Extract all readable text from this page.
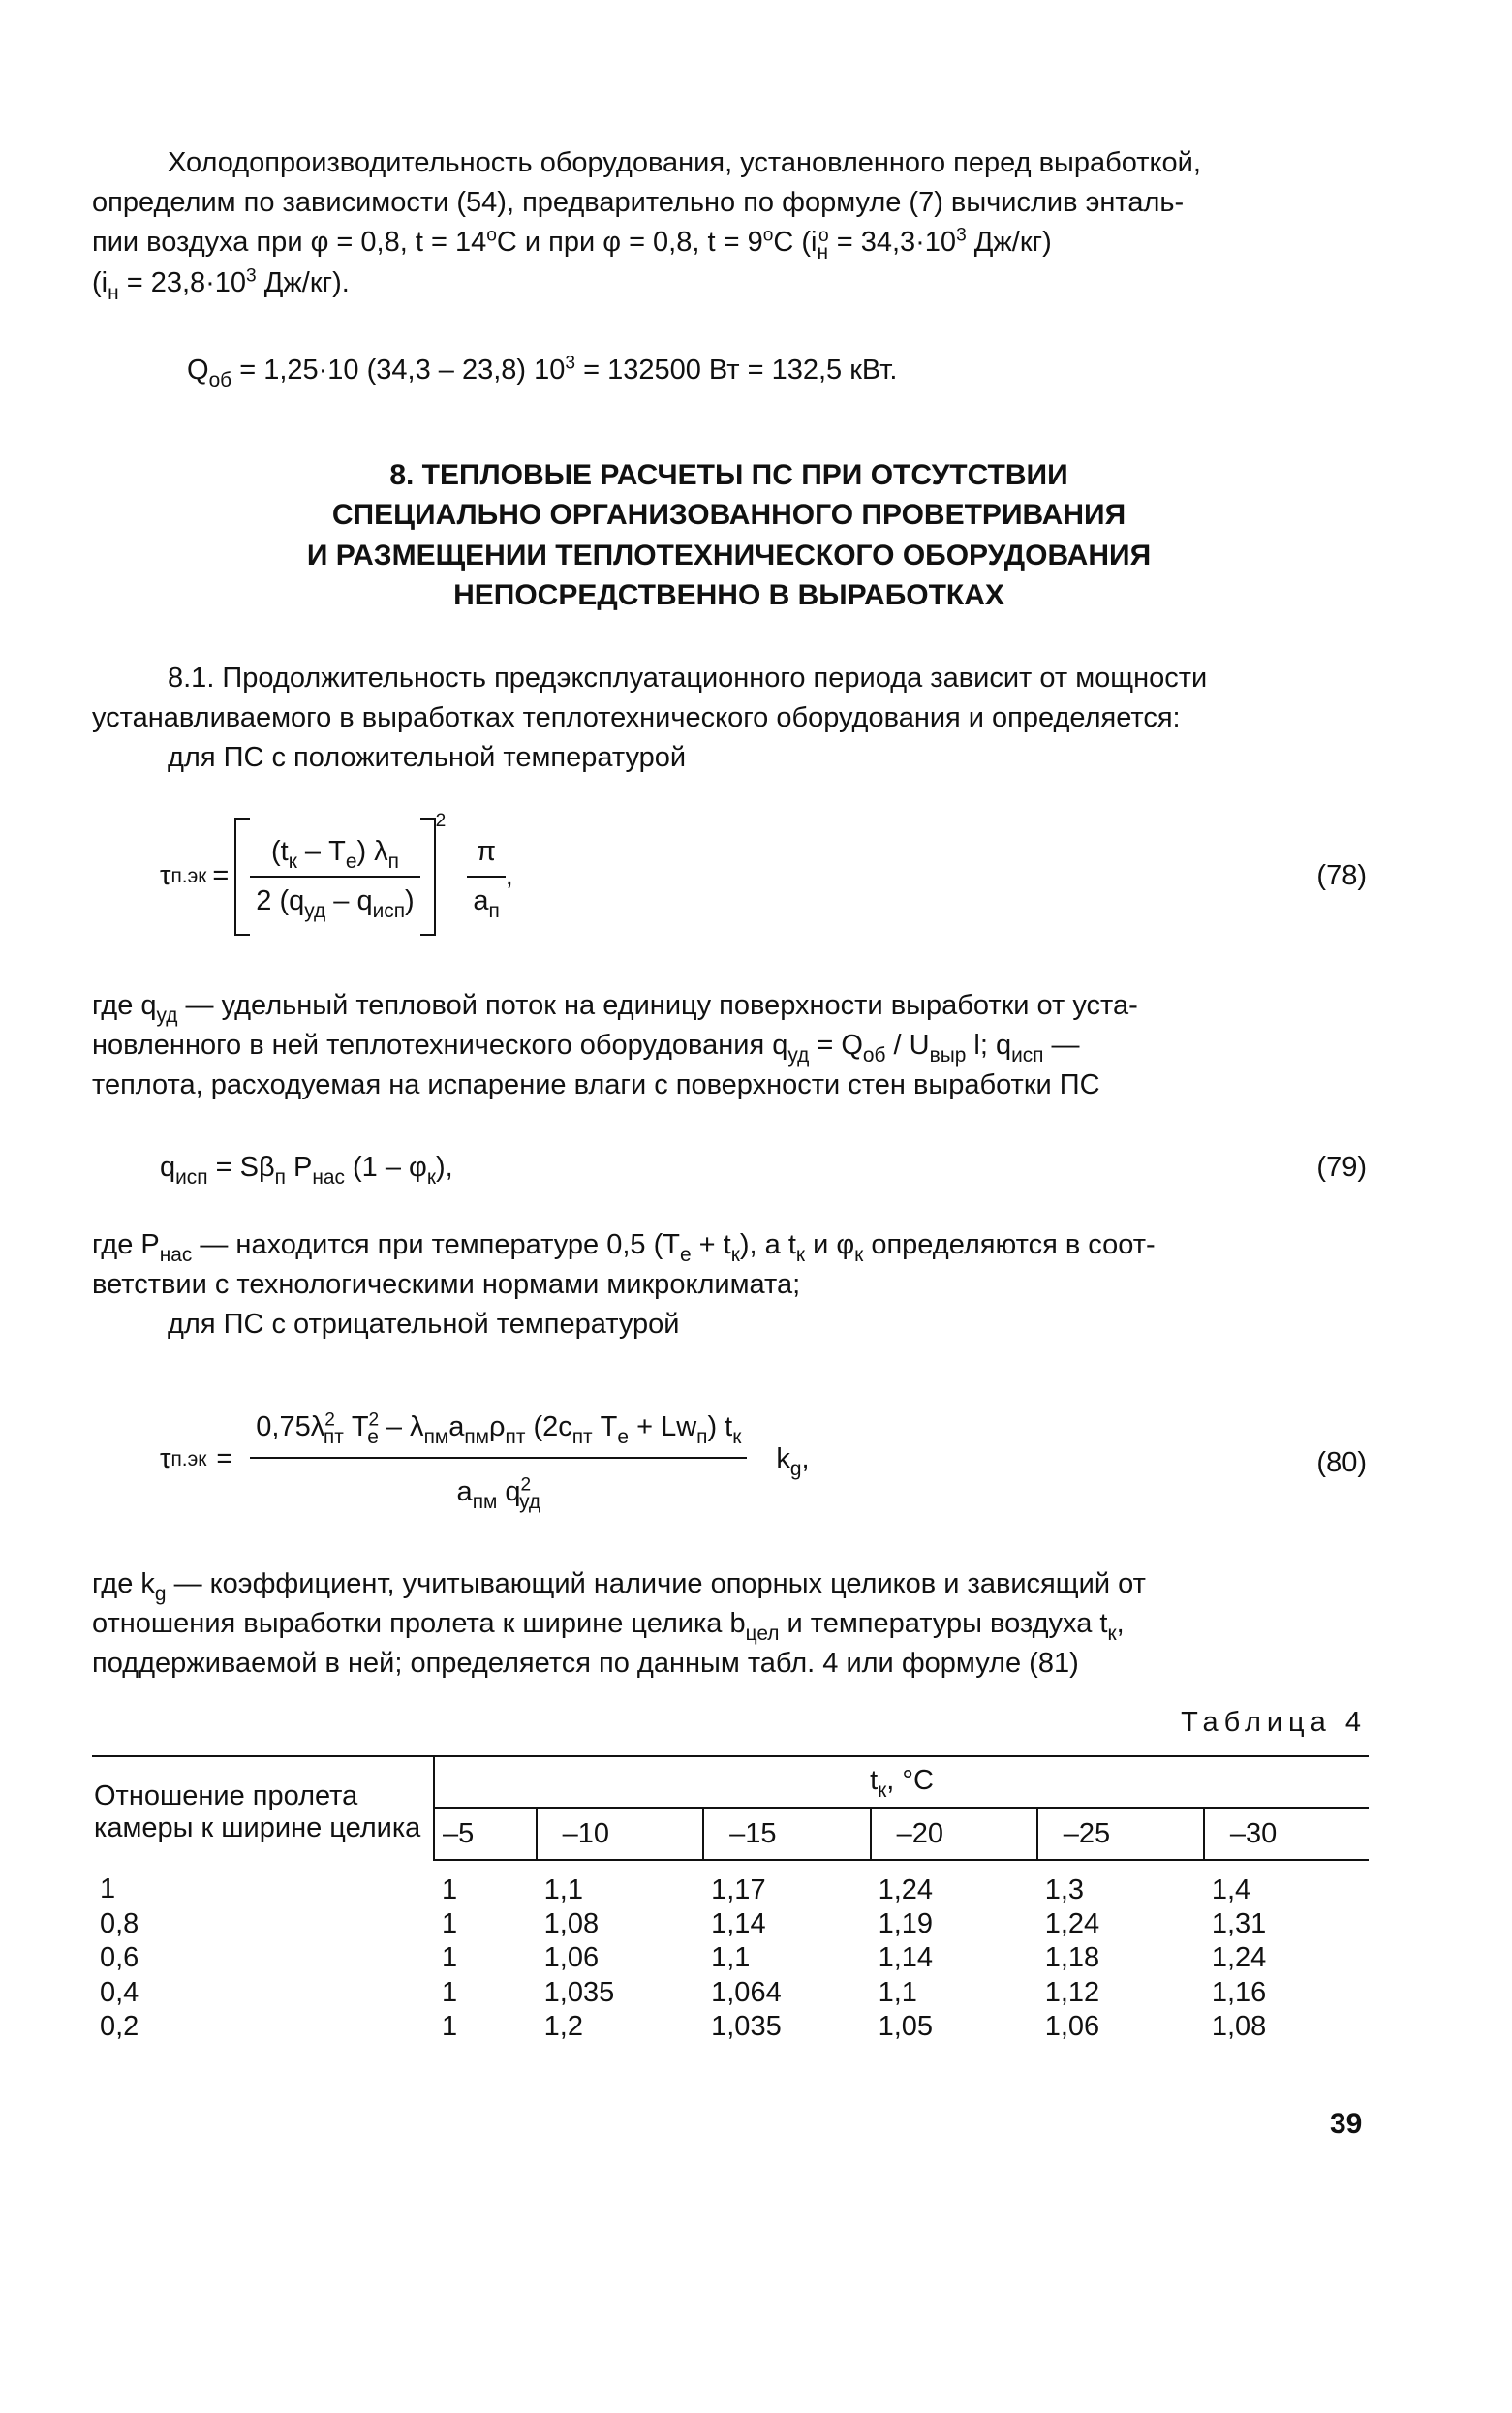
Холодопроизводительность оборудования, установленного перед выработкой,
определим по зависимости (54), предварительно по формуле (7) вычислив энталь-
пии воздуха при φ = 0,8, $t = 14^oC$ и при φ = 0,8, $t = 9^oC$ ($i_н^o = 34,3\cdot 10^3$ Дж/кг)
($i_н = 23,8\cdot 10^3$ Дж/кг).
$Q_{об} = 1,25\cdot 10$ (34,3 – 23,8) $10^3 = 132500$ Вт = 132,5 кВт.
8. ТЕПЛОВЫЕ РАСЧЕТЫ ПС ПРИ ОТСУТСТВИИ
СПЕЦИАЛЬНО ОРГАНИЗОВАННОГО ПРОВЕТРИВАНИЯ
И РАЗМЕЩЕНИИ ТЕПЛОТЕХНИЧЕСКОГО ОБОРУДОВАНИЯ
НЕПОСРЕДСТВЕННО В ВЫРАБОТКАХ
8.1. Продолжительность предэксплуатационного периода зависит от мощности
устанавливаемого в выработках теплотехнического оборудования и определяется:
для ПС с положительной температурой
τ $п.эк = \frac{(t_к - T_e) \lambda_п}{2 (q_{уд} - q_{исп})}$
2
$\frac{\pi}{a_п}$ ,	(78)
где $q_{уд}$ — удельный тепловой поток на единицу поверхности выработки от уста-
новленного в ней теплотехнического оборудования $q_{уд} = Q_{об} / U_{выр}$ l; $q_{исп}$ —
теплота, расходуемая на испарение влаги с поверхности стен выработки ПС
$q_{исп} = S\beta_п$ $P_{нас}$ $(1 - \varphi_к)$,	(79)
где $P_{нас}$ — находится при температуре 0,5 $(T_e + t_к)$, a $t_к$ и $\varphi_к$ определяются в соот-
ветствии с технологическими нормами микроклимата;
для ПС с отрицательной температурой
τ $п.эк = \frac{0,75\lambda^2_{пт} T^2_e - \lambda_{пм}a_{пм}\rho_{пт} (2c_{пт} T_e + Lw_п) t_к}{a_{пм} q^2_{уд}} k_g$,	(80)
где $k_g$ — коэффициент, учитывающий наличие опорных целиков и зависящий от
отношения выработки пролета к ширине целика $b_{цел}$ и температуры воздуха $t_к$,
поддерживаемой в ней; определяется по данным табл. 4 или формуле (81)
Таблица 4
Отношение пролета камеры к ширине целика	$t_к$, °C					
	–5	–10	–15	–20	–25	–30
1	1	1,1	1,17	1,24	1,3	1,4
0,8	1	1,08	1,14	1,19	1,24	1,31
0,6	1	1,06	1,1	1,14	1,18	1,24
0,4	1	1,035	1,064	1,1	1,12	1,16
0,2	1	1,2	1,035	1,05	1,06	1,08
39
